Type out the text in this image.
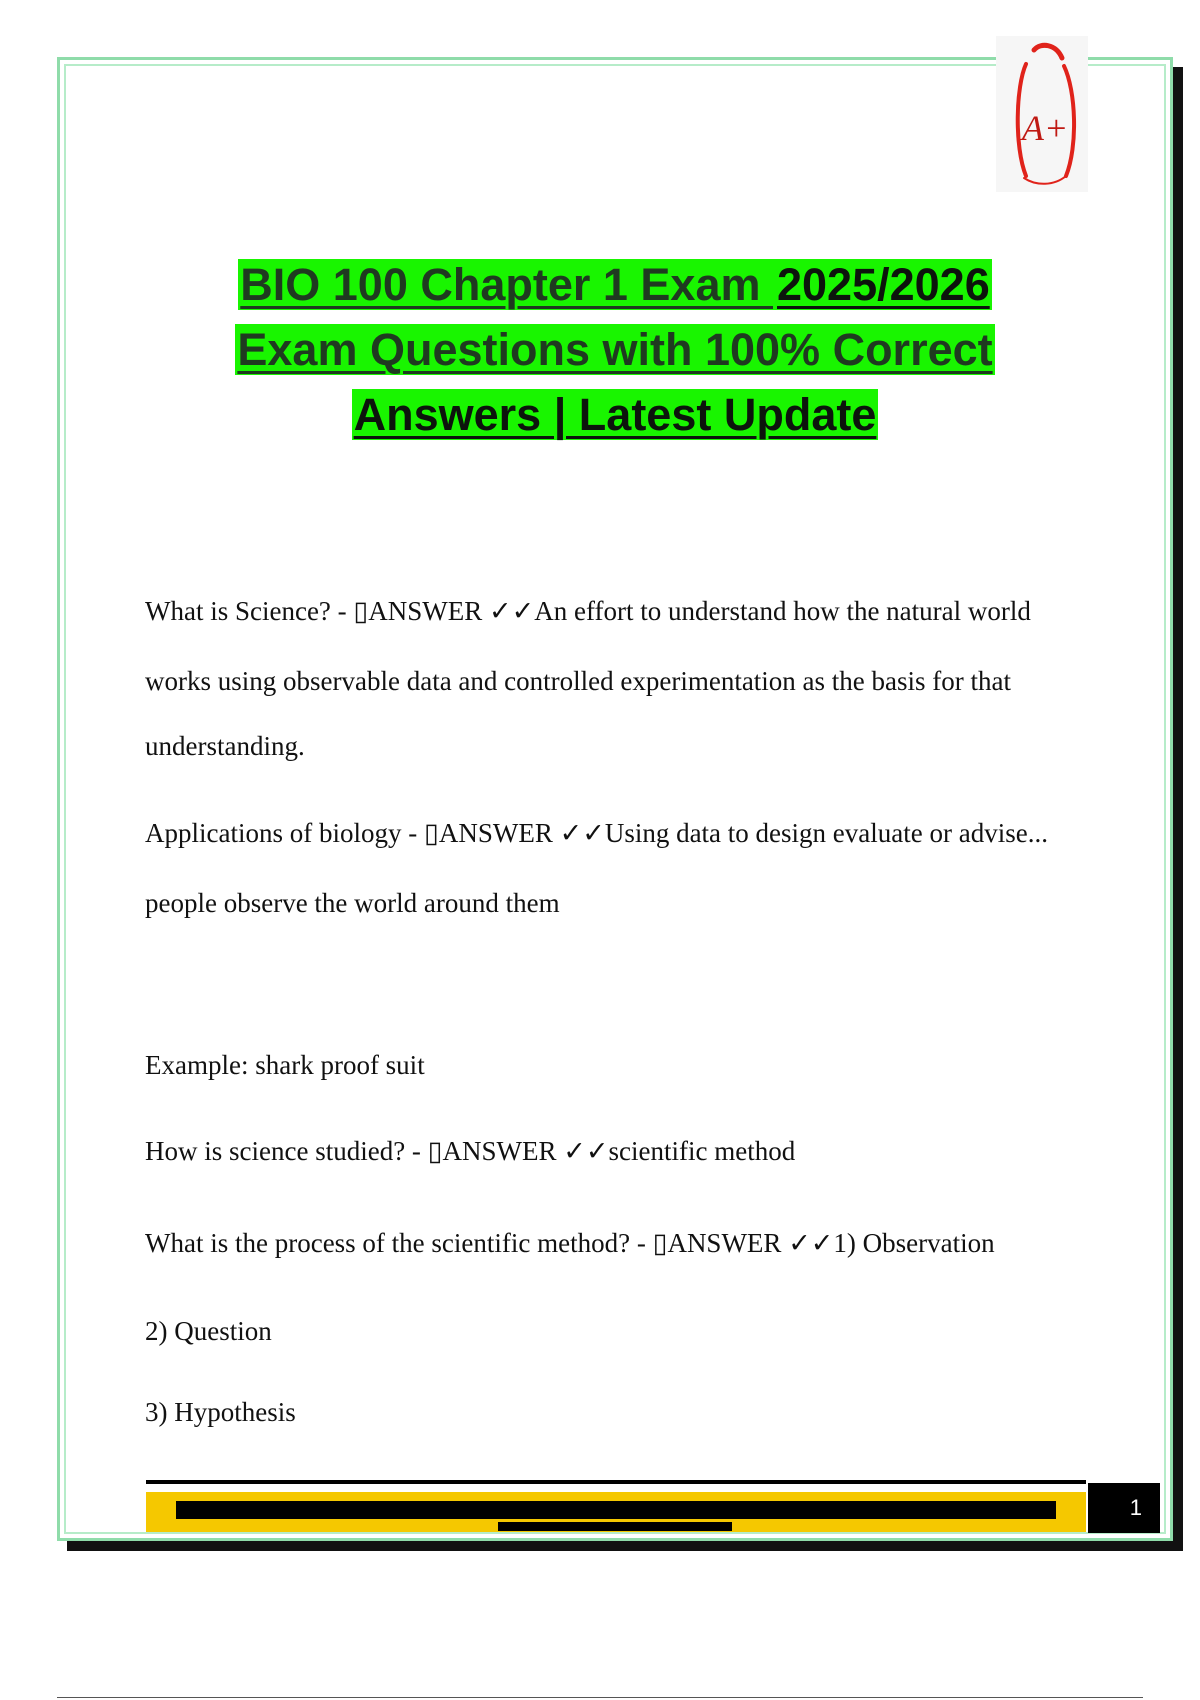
A+
BIO 100 Chapter 1 Exam 2025/2026
Exam Questions with 100% Correct
Answers | Latest Update

What is Science? - ▯ANSWER ✓✓An effort to understand how the natural world

works using observable data and controlled experimentation as the basis for that

understanding.

Applications of biology - ▯ANSWER ✓✓Using data to design evaluate or advise...

people observe the world around them

Example: shark proof suit

How is science studied? - ▯ANSWER ✓✓scientific method

What is the process of the scientific method? - ▯ANSWER ✓✓1) Observation

2) Question

3) Hypothesis

1
